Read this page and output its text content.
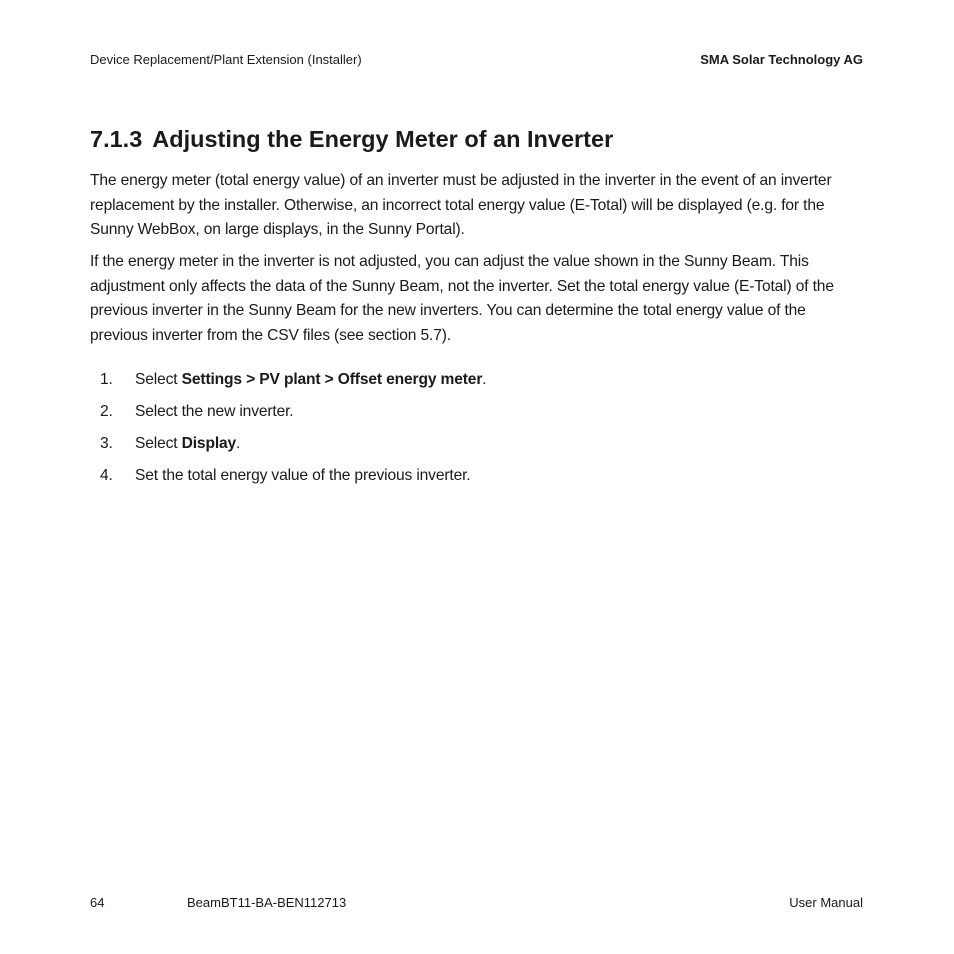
Device Replacement/Plant Extension (Installer)	SMA Solar Technology AG
7.1.3 Adjusting the Energy Meter of an Inverter

The energy meter (total energy value) of an inverter must be adjusted in the inverter in the event of an inverter replacement by the installer. Otherwise, an incorrect total energy value (E-Total) will be displayed (e.g. for the Sunny WebBox, on large displays, in the Sunny Portal).

If the energy meter in the inverter is not adjusted, you can adjust the value shown in the Sunny Beam. This adjustment only affects the data of the Sunny Beam, not the inverter. Set the total energy value (E-Total) of the previous inverter in the Sunny Beam for the new inverters. You can determine the total energy value of the previous inverter from the CSV files (see section 5.7).

1. Select Settings > PV plant > Offset energy meter.
2. Select the new inverter.
3. Select Display.
4. Set the total energy value of the previous inverter.
64	BeamBT11-BA-BEN112713	User Manual
